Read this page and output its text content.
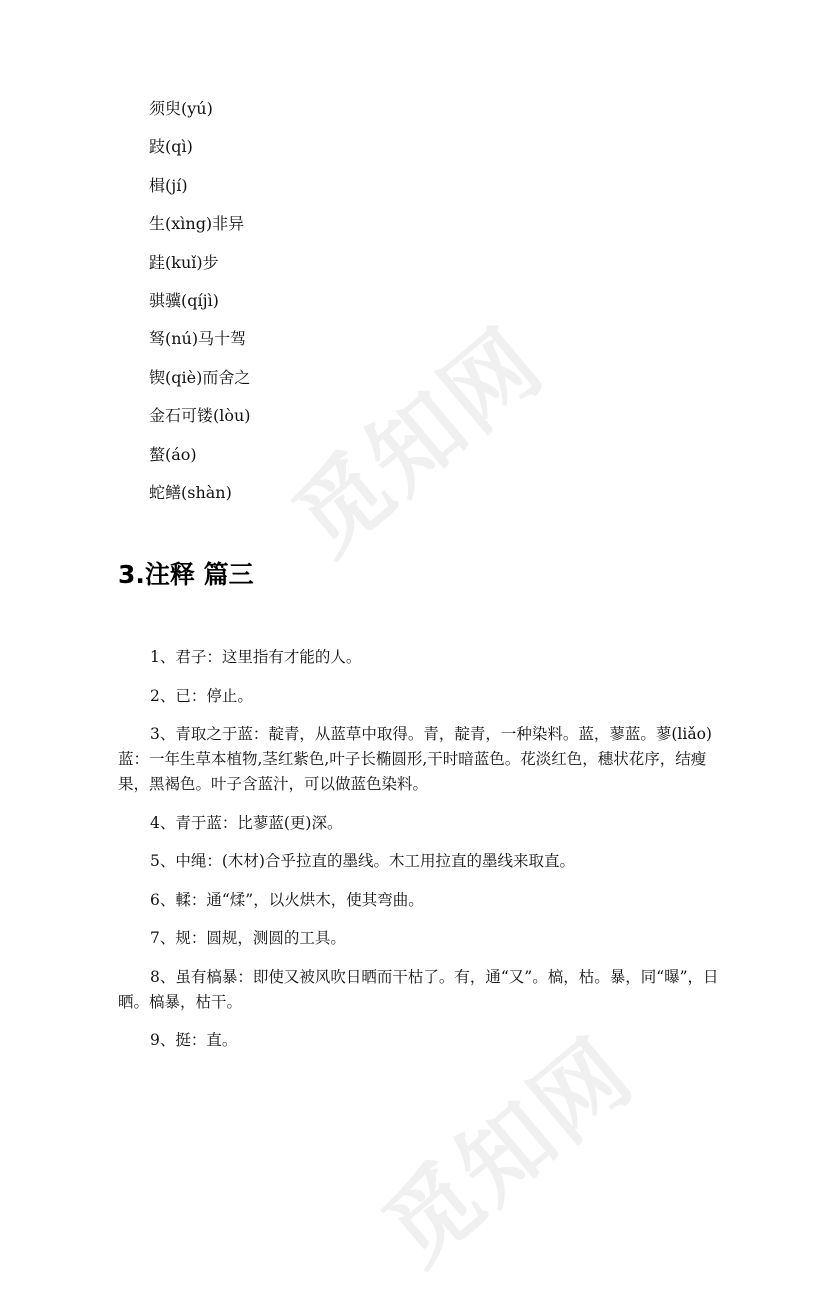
觅知网
觅知网
须臾(yú)
跂(qì)
楫(jí)
生(xìng)非异
跬(kuǐ)步
骐骥(qíjì)
驽(nú)马十驾
锲(qiè)而舍之
金石可镂(lòu)
螯(áo)
蛇鳝(shàn)
3.注释 篇三

1、君子：这里指有才能的人。

2、已：停止。

3、青取之于蓝：靛青，从蓝草中取得。青，靛青，一种染料。蓝，蓼蓝。蓼(liǎo)蓝：一年生草本植物,茎红紫色,叶子长椭圆形,干时暗蓝色。花淡红色，穗状花序，结瘦果，黑褐色。叶子含蓝汁，可以做蓝色染料。

4、青于蓝：比蓼蓝(更)深。

5、中绳：(木材)合乎拉直的墨线。木工用拉直的墨线来取直。

6、輮：通“煣”，以火烘木，使其弯曲。

7、规：圆规，测圆的工具。

8、虽有槁暴：即使又被风吹日晒而干枯了。有，通“又”。槁，枯。暴，同“曝”，日晒。槁暴，枯干。

9、挺：直。
